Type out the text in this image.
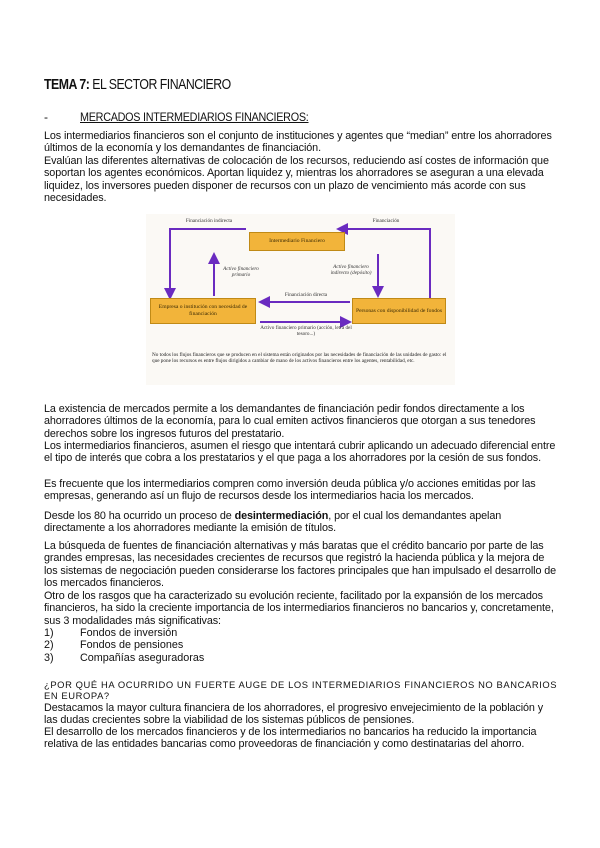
TEMA 7: EL SECTOR FINANCIERO
-	MERCADOS INTERMEDIARIOS FINANCIEROS:

Los intermediarios financieros son el conjunto de instituciones y agentes que “median” entre los ahorradores últimos de la economía y los demandantes de financiación.

Evalúan las diferentes alternativas de colocación de los recursos, reduciendo así costes de información que soportan los agentes económicos. Aportan liquidez y, mientras los ahorradores se aseguran a una elevada liquidez, los inversores pueden disponer de recursos con un plazo de vencimiento más acorde con sus necesidades.

Financiación indirecta	Financiación
Intermediario Financiero
Empresa o institución con necesidad de financiación
Personas con disponibilidad de fondos
Activo financiero primario
Activo financiero indirecto (depósito)
Financiación directa
Activo financiero primario (acción, letra del tesoro...)
No todos los flujos financieros que se producen en el sistema están originados por las necesidades de financiación de las unidades de gasto: el que pone los recursos es entre flujos dirigidos a cambiar de mano de los activos financieros entre los agentes, rentabilidad, etc.

La existencia de mercados permite a los demandantes de financiación pedir fondos directamente a los ahorradores últimos de la economía, para lo cual emiten activos financieros que otorgan a sus tenedores derechos sobre los ingresos futuros del prestatario.

Los intermediarios financieros, asumen el riesgo que intentará cubrir aplicando un adecuado diferencial entre el tipo de interés que cobra a los prestatarios y el que paga a los ahorradores por la cesión de sus fondos.

Es frecuente que los intermediarios compren como inversión deuda pública y/o acciones emitidas por las empresas, generando así un flujo de recursos desde los intermediarios hacia los mercados.

Desde los 80 ha ocurrido un proceso de desintermediación, por el cual los demandantes apelan directamente a los ahorradores mediante la emisión de títulos.

La búsqueda de fuentes de financiación alternativas y más baratas que el crédito bancario por parte de las grandes empresas, las necesidades crecientes de recursos que registró la hacienda pública y la mejora de los sistemas de negociación pueden considerarse los factores principales que han impulsado el desarrollo de los mercados financieros.

Otro de los rasgos que ha caracterizado su evolución reciente, facilitado por la expansión de los mercados financieros, ha sido la creciente importancia de los intermediarios financieros no bancarios y, concretamente, sus 3 modalidades más significativas:

1) Fondos de inversión
2) Fondos de pensiones
3) Compañías aseguradoras
¿POR QUÉ HA OCURRIDO UN FUERTE AUGE DE LOS INTERMEDIARIOS FINANCIEROS NO BANCARIOS EN EUROPA?

Destacamos la mayor cultura financiera de los ahorradores, el progresivo envejecimiento de la población y las dudas crecientes sobre la viabilidad de los sistemas públicos de pensiones.

El desarrollo de los mercados financieros y de los intermediarios no bancarios ha reducido la importancia relativa de las entidades bancarias como proveedoras de financiación y como destinatarias del ahorro.
